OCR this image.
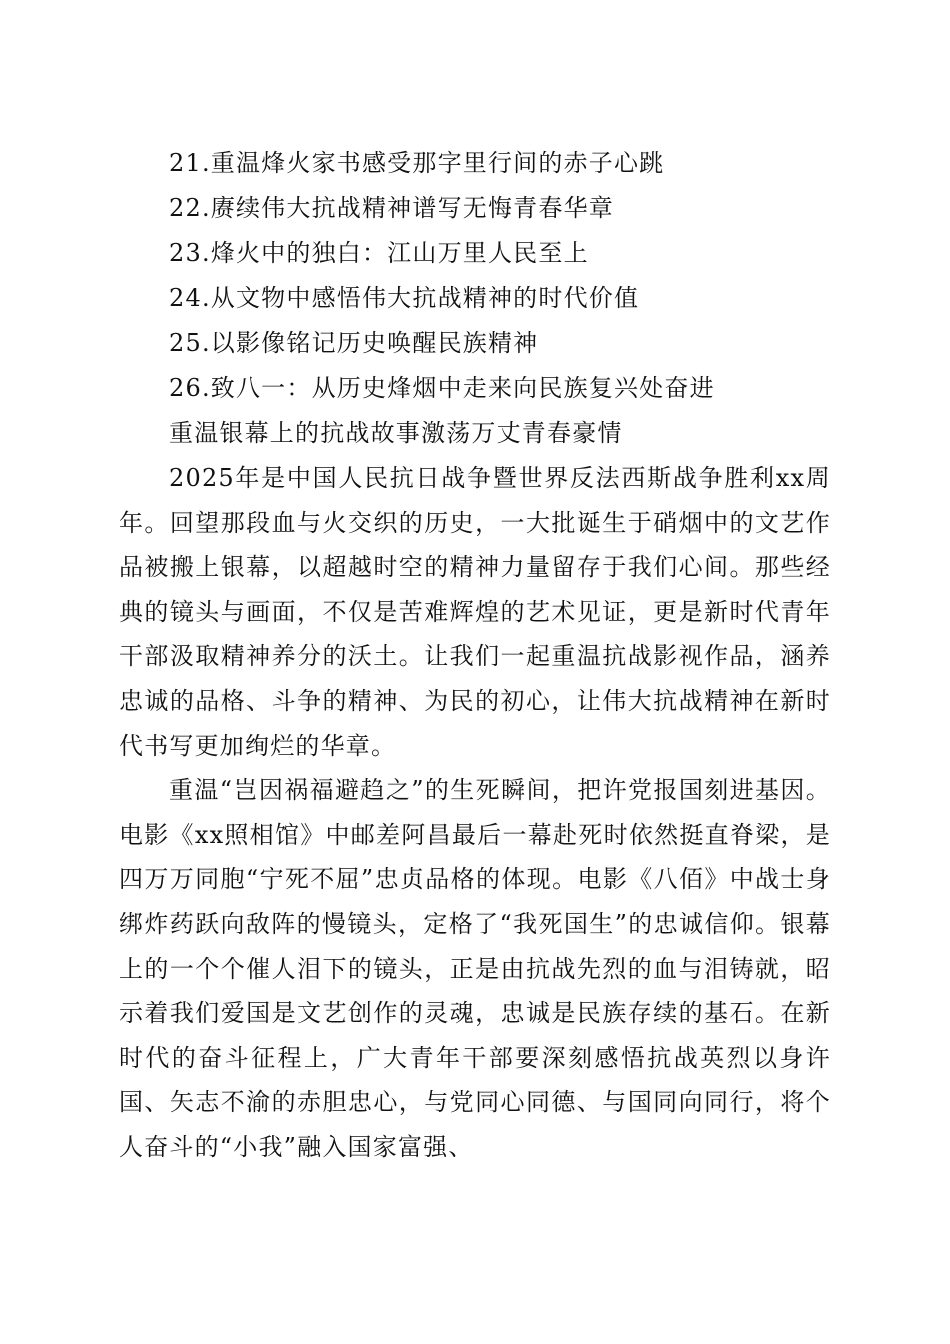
21.重温烽火家书感受那字里行间的赤子心跳
22.赓续伟大抗战精神谱写无悔青春华章
23.烽火中的独白：江山万里人民至上
24.从文物中感悟伟大抗战精神的时代价值
25.以影像铭记历史唤醒民族精神
26.致八一：从历史烽烟中走来向民族复兴处奋进
重温银幕上的抗战故事激荡万丈青春豪情

2025年是中国人民抗日战争暨世界反法西斯战争胜利xx周年。回望那段血与火交织的历史，一大批诞生于硝烟中的文艺作品被搬上银幕，以超越时空的精神力量留存于我们心间。那些经典的镜头与画面，不仅是苦难辉煌的艺术见证，更是新时代青年干部汲取精神养分的沃土。让我们一起重温抗战影视作品，涵养忠诚的品格、斗争的精神、为民的初心，让伟大抗战精神在新时代书写更加绚烂的华章。

重温“岂因祸福避趋之”的生死瞬间，把许党报国刻进基因。电影《xx照相馆》中邮差阿昌最后一幕赴死时依然挺直脊梁，是四万万同胞“宁死不屈”忠贞品格的体现。电影《八佰》中战士身绑炸药跃向敌阵的慢镜头，定格了“我死国生”的忠诚信仰。银幕上的一个个催人泪下的镜头，正是由抗战先烈的血与泪铸就，昭示着我们爱国是文艺创作的灵魂，忠诚是民族存续的基石。在新时代的奋斗征程上，广大青年干部要深刻感悟抗战英烈以身许国、矢志不渝的赤胆忠心，与党同心同德、与国同向同行，将个人奋斗的“小我”融入国家富强、
